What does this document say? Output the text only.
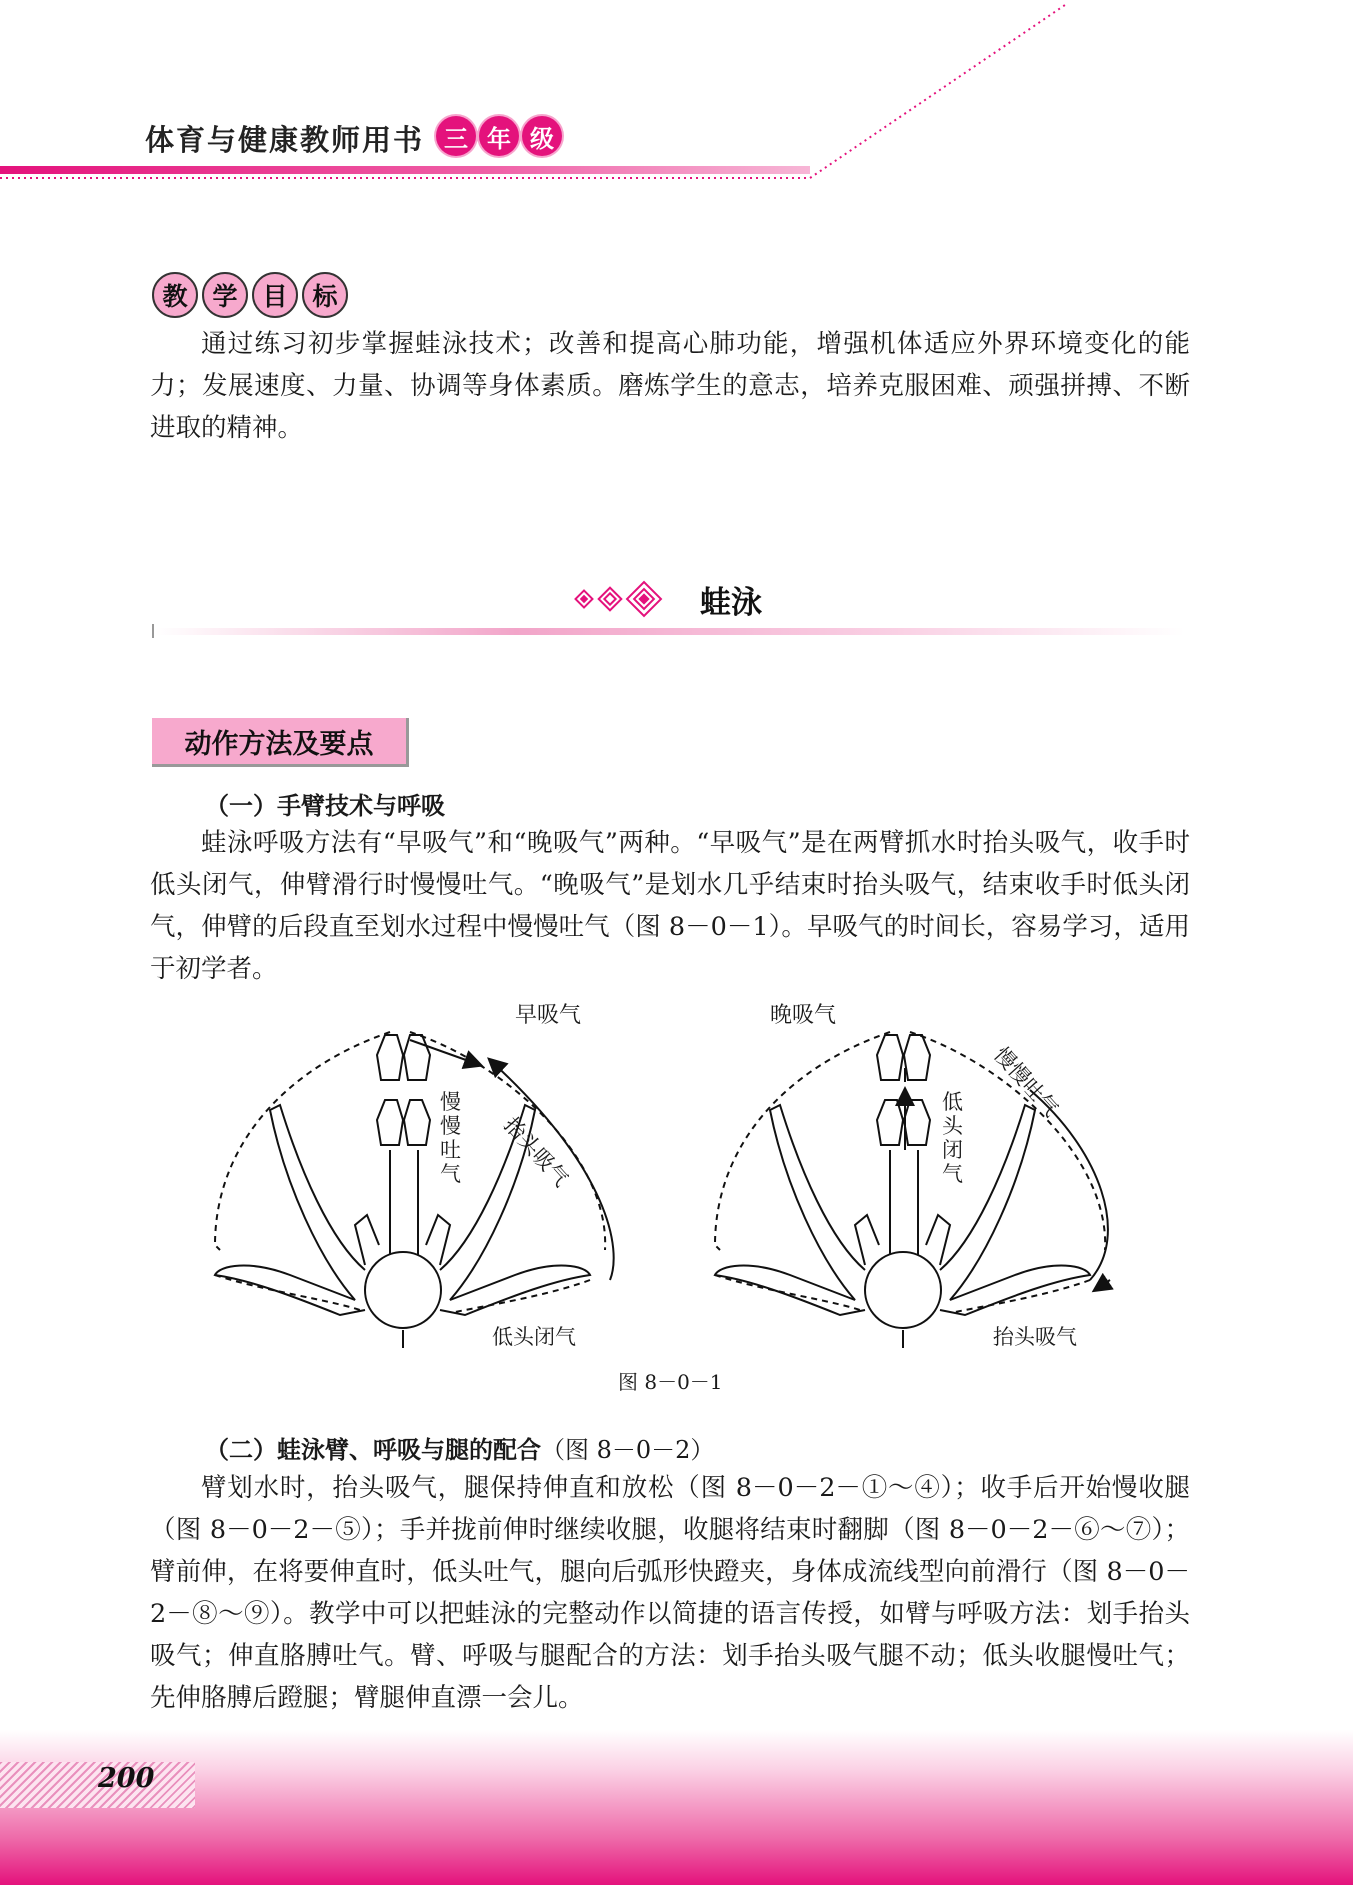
体育与健康教师用书 三 年 级
教 学 目 标

通过练习初步掌握蛙泳技术；改善和提高心肺功能，增强机体适应外界环境变化的能力；发展速度、力量、协调等身体素质。磨炼学生的意志，培养克服困难、顽强拼搏、不断进取的精神。

蛙泳
动作方法及要点
（一）手臂技术与呼吸

蛙泳呼吸方法有“早吸气”和“晚吸气”两种。“早吸气”是在两臂抓水时抬头吸气，收手时低头闭气，伸臂滑行时慢慢吐气。“晚吸气”是划水几乎结束时抬头吸气，结束收手时低头闭气，伸臂的后段直至划水过程中慢慢吐气（图 8－0－1）。早吸气的时间长，容易学习，适用于初学者。

早吸气	晚吸气
慢慢吐气 抬头吸气
低头闭气
低头闭气
慢慢吐气
抬头吸气
图 8－0－1
（二）蛙泳臂、呼吸与腿的配合（图 8－0－2）

臂划水时，抬头吸气，腿保持伸直和放松（图 8－0－2－①～④）；收手后开始慢收腿（图 8－0－2－⑤）；手并拢前伸时继续收腿，收腿将结束时翻脚（图 8－0－2－⑥～⑦）；臂前伸，在将要伸直时，低头吐气，腿向后弧形快蹬夹，身体成流线型向前滑行（图 8－0－2－⑧～⑨）。教学中可以把蛙泳的完整动作以简捷的语言传授，如臂与呼吸方法：划手抬头吸气；伸直胳膊吐气。臂、呼吸与腿配合的方法：划手抬头吸气腿不动；低头收腿慢吐气；先伸胳膊后蹬腿；臂腿伸直漂一会儿。

200
